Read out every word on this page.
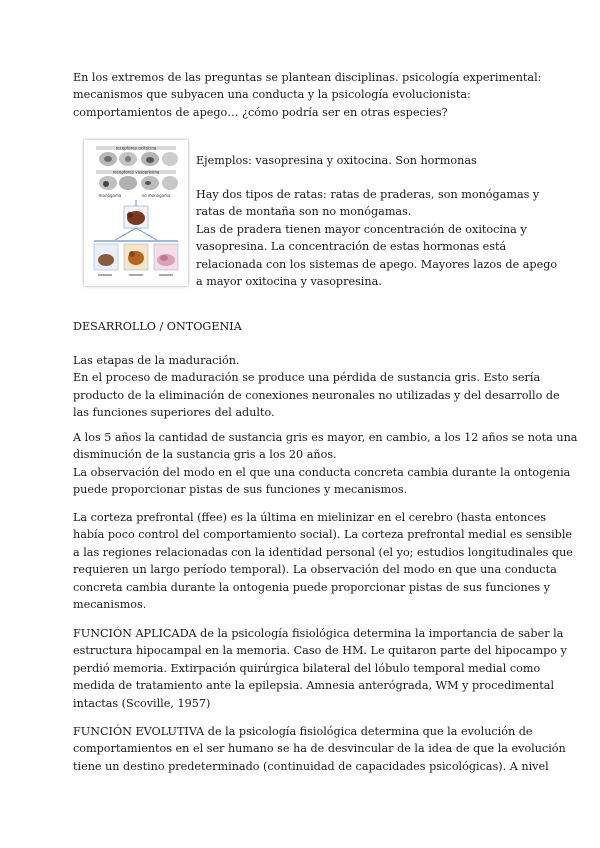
En los extremos de las preguntas se plantean disciplinas. psicología experimental:
mecanismos que subyacen una conducta y la psicología evolucionista:
comportamientos de apego… ¿cómo podría ser en otras especies?

receptores oxitocina
receptores vasopresina
monógama	no monógama

Ejemplos: vasopresina y oxitocina. Son hormonas

Hay dos tipos de ratas: ratas de praderas, son monógamas y
ratas de montaña son no monógamas.
Las de pradera tienen mayor concentración de oxitocina y
vasopresina. La concentración de estas hormonas está
relacionada con los sistemas de apego. Mayores lazos de apego
a mayor oxitocina y vasopresina.

DESARROLLO / ONTOGENIA

Las etapas de la maduración.
En el proceso de maduración se produce una pérdida de sustancia gris. Esto sería
producto de la eliminación de conexiones neuronales no utilizadas y del desarrollo de
las funciones superiores del adulto.

A los 5 años la cantidad de sustancia gris es mayor, en cambio, a los 12 años se nota una
disminución de la sustancia gris a los 20 años.
La observación del modo en el que una conducta concreta cambia durante la ontogenia
puede proporcionar pistas de sus funciones y mecanismos.

La corteza prefrontal (ffee) es la última en mielinizar en el cerebro (hasta entonces
había poco control del comportamiento social). La corteza prefrontal medial es sensible
a las regiones relacionadas con la identidad personal (el yo; estudios longitudinales que
requieren un largo período temporal). La observación del modo en que una conducta
concreta cambia durante la ontogenia puede proporcionar pistas de sus funciones y
mecanismos.

FUNCIÓN APLICADA de la psicología fisiológica determina la importancia de saber la
estructura hipocampal en la memoria. Caso de HM. Le quitaron parte del hipocampo y
perdió memoria. Extirpación quirúrgica bilateral del lóbulo temporal medial como
medida de tratamiento ante la epilepsia. Amnesia anterógrada, WM y procedimental
intactas (Scoville, 1957)

FUNCIÓN EVOLUTIVA de la psicología fisiológica determina que la evolución de
comportamientos en el ser humano se ha de desvincular de la idea de que la evolución
tiene un destino predeterminado (continuidad de capacidades psicológicas). A nivel
